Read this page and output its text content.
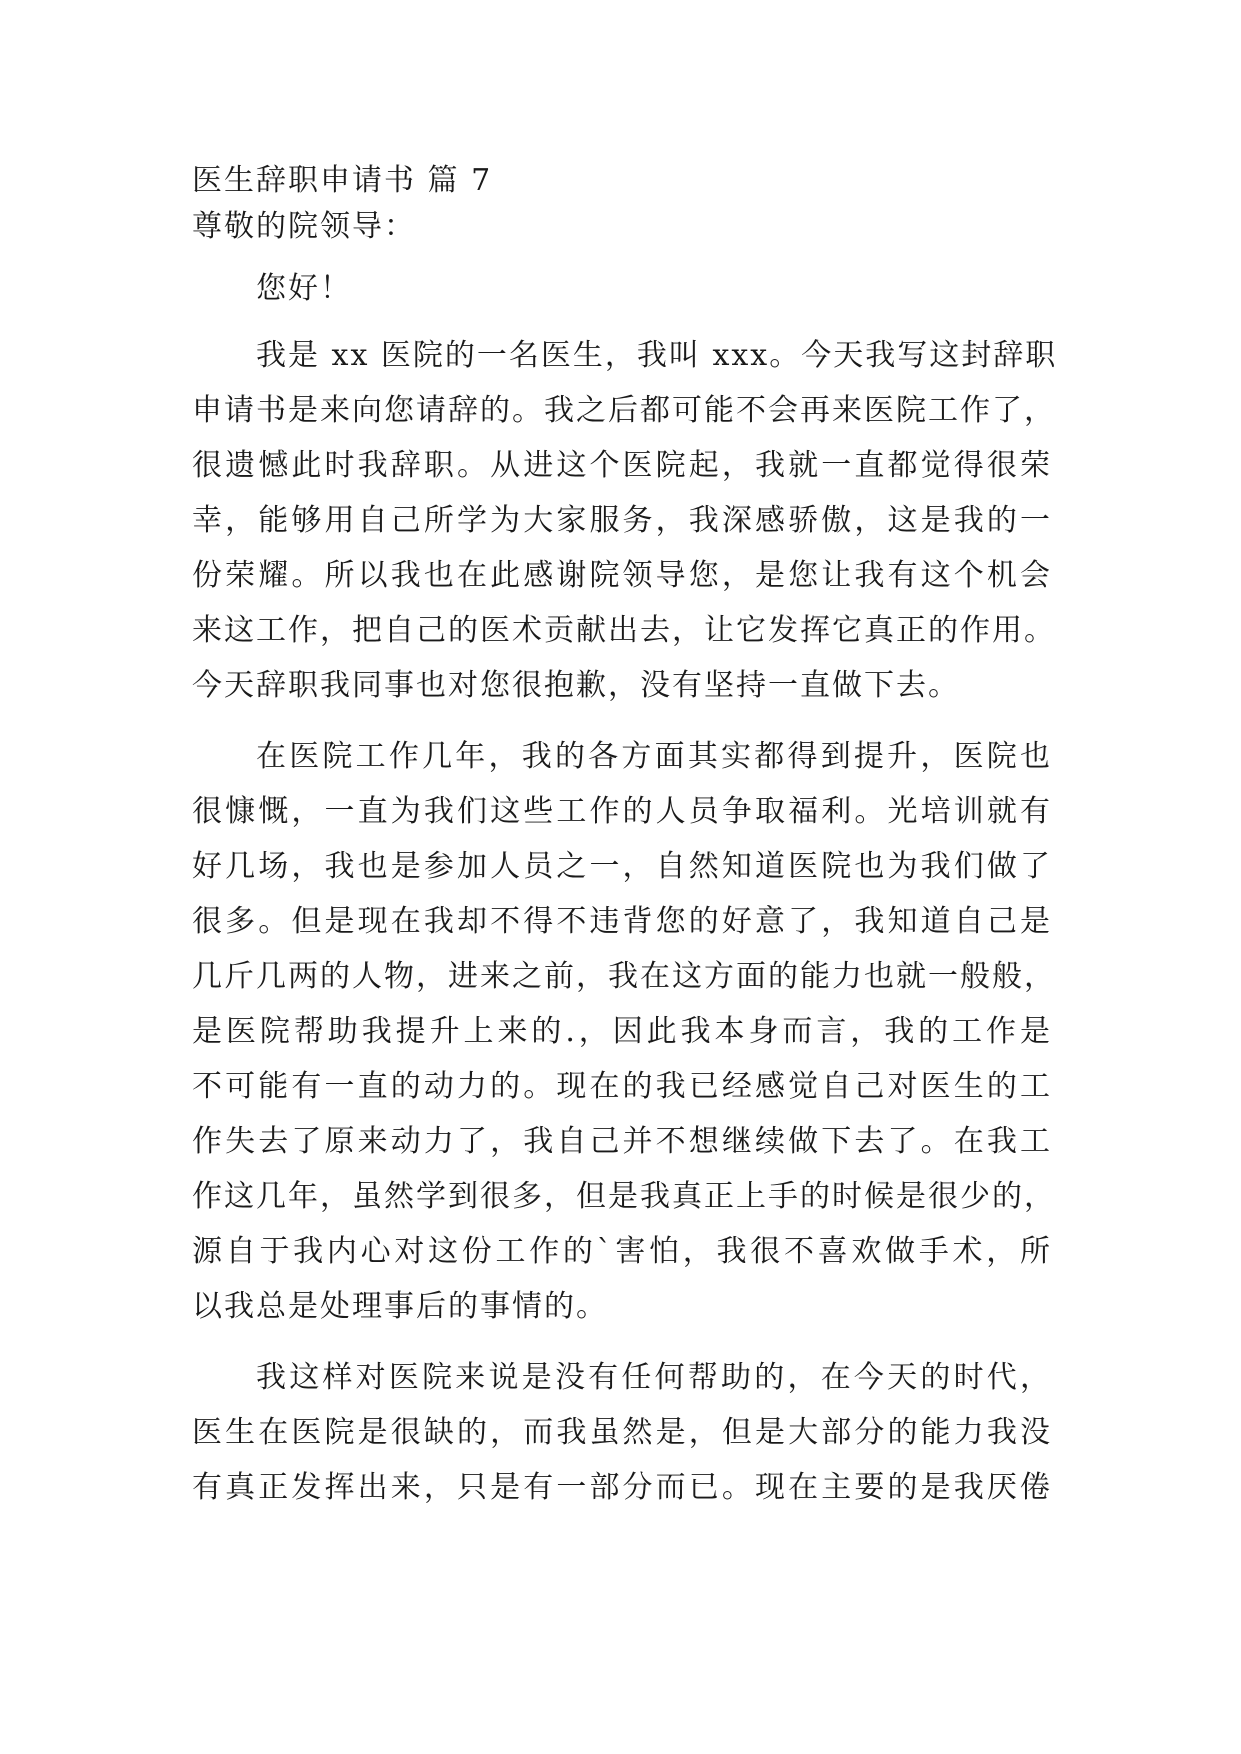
医生辞职申请书 篇 7

尊敬的院领导：

您好！

我是 xx 医院的一名医生，我叫 xxx。今天我写这封辞职
申请书是来向您请辞的。我之后都可能不会再来医院工作了，
很遗憾此时我辞职。从进这个医院起，我就一直都觉得很荣
幸，能够用自己所学为大家服务，我深感骄傲，这是我的一
份荣耀。所以我也在此感谢院领导您，是您让我有这个机会
来这工作，把自己的医术贡献出去，让它发挥它真正的作用。
今天辞职我同事也对您很抱歉，没有坚持一直做下去。
在医院工作几年，我的各方面其实都得到提升，医院也
很慷慨，一直为我们这些工作的人员争取福利。光培训就有
好几场，我也是参加人员之一，自然知道医院也为我们做了
很多。但是现在我却不得不违背您的好意了，我知道自己是
几斤几两的人物，进来之前，我在这方面的能力也就一般般，
是医院帮助我提升上来的.，因此我本身而言，我的工作是
不可能有一直的动力的。现在的我已经感觉自己对医生的工
作失去了原来动力了，我自己并不想继续做下去了。在我工
作这几年，虽然学到很多，但是我真正上手的时候是很少的，
源自于我内心对这份工作的`害怕，我很不喜欢做手术，所
以我总是处理事后的事情的。
我这样对医院来说是没有任何帮助的，在今天的时代，
医生在医院是很缺的，而我虽然是，但是大部分的能力我没
有真正发挥出来，只是有一部分而已。现在主要的是我厌倦
